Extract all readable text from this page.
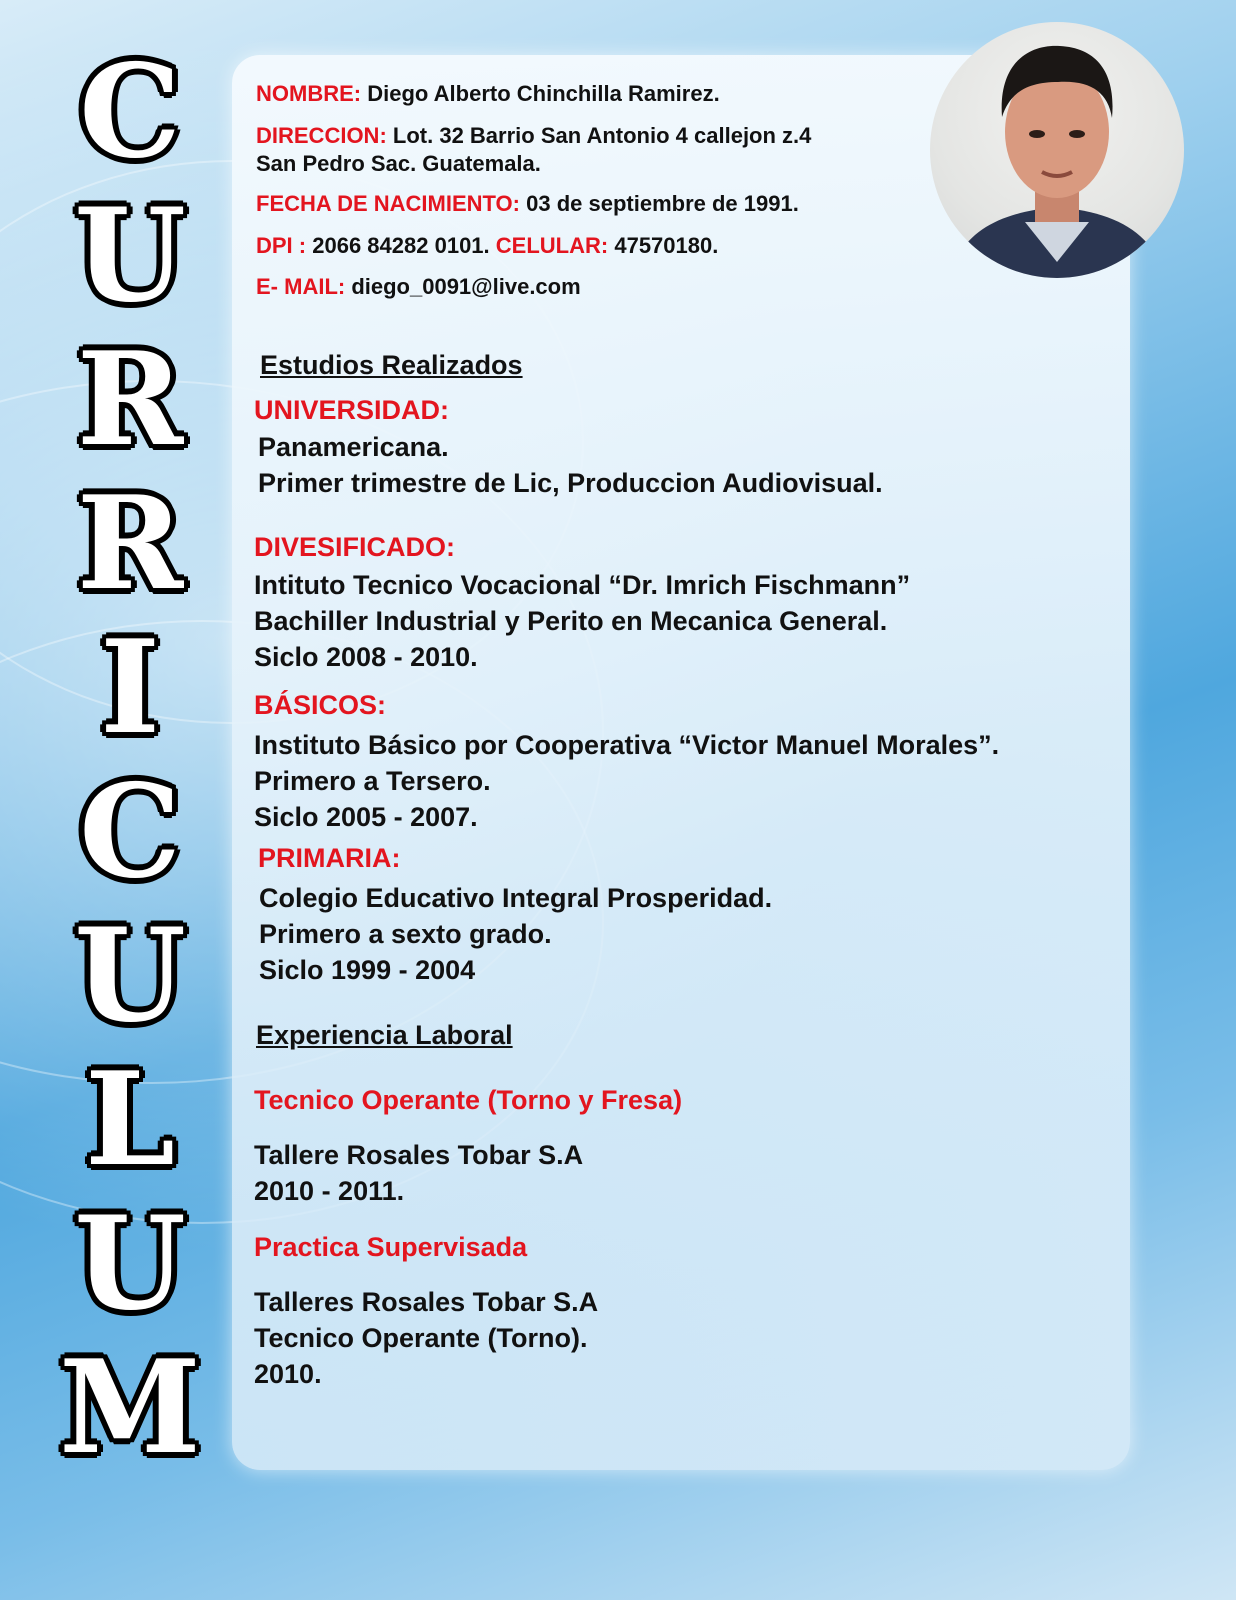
C
U
R
R
I
C
U
L
U
M
NOMBRE: Diego Alberto Chinchilla Ramirez.
DIRECCION: Lot. 32 Barrio San Antonio 4 callejon z.4
San Pedro Sac. Guatemala.
FECHA DE NACIMIENTO: 03 de septiembre de 1991.
DPI : 2066 84282 0101. CELULAR: 47570180.
E- MAIL: diego_0091@live.com
Estudios Realizados
UNIVERSIDAD:
Panamericana.
Primer trimestre de Lic, Produccion Audiovisual.
DIVESIFICADO:
Intituto Tecnico Vocacional “Dr. Imrich Fischmann”
Bachiller Industrial y Perito en Mecanica General.
Siclo 2008 - 2010.
BÁSICOS:
Instituto Básico por Cooperativa “Victor Manuel Morales”.
Primero a Tersero.
Siclo 2005 - 2007.
PRIMARIA:
Colegio Educativo Integral Prosperidad.
Primero a sexto grado.
Siclo 1999 - 2004
Experiencia Laboral
Tecnico Operante (Torno y Fresa)
Tallere Rosales Tobar S.A
2010 - 2011.
Practica Supervisada
Talleres Rosales Tobar S.A
Tecnico Operante (Torno).
2010.
